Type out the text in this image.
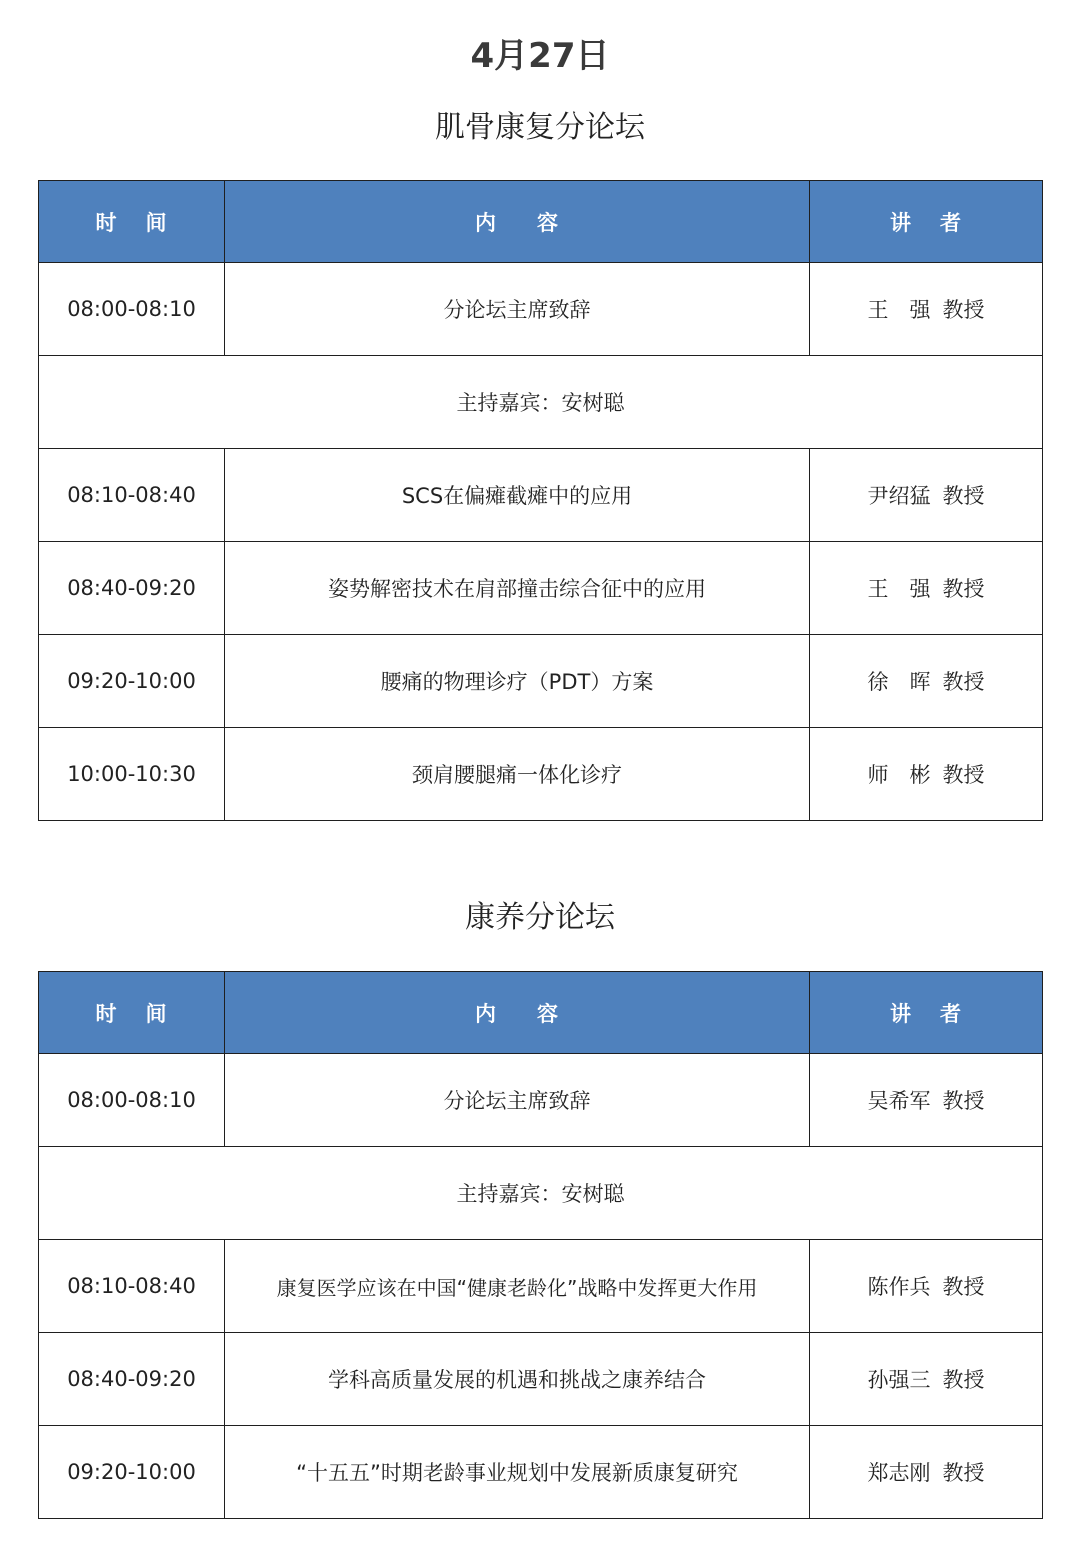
4月27日
肌骨康复分论坛
时 间	内 容	讲 者
08:00-08:10	分论坛主席致辞	王　强 教授
主持嘉宾：安树聪		
08:10-08:40	SCS在偏瘫截瘫中的应用	尹绍猛 教授
08:40-09:20	姿势解密技术在肩部撞击综合征中的应用	王　强 教授
09:20-10:00	腰痛的物理诊疗（PDT）方案	徐　晖 教授
10:00-10:30	颈肩腰腿痛一体化诊疗	师　彬 教授
康养分论坛
时 间	内 容	讲 者
08:00-08:10	分论坛主席致辞	吴希军 教授
主持嘉宾：安树聪		
08:10-08:40	康复医学应该在中国“健康老龄化”战略中发挥更大作用	陈作兵 教授
08:40-09:20	学科高质量发展的机遇和挑战之康养结合	孙强三 教授
09:20-10:00	“十五五”时期老龄事业规划中发展新质康复研究	郑志刚 教授
